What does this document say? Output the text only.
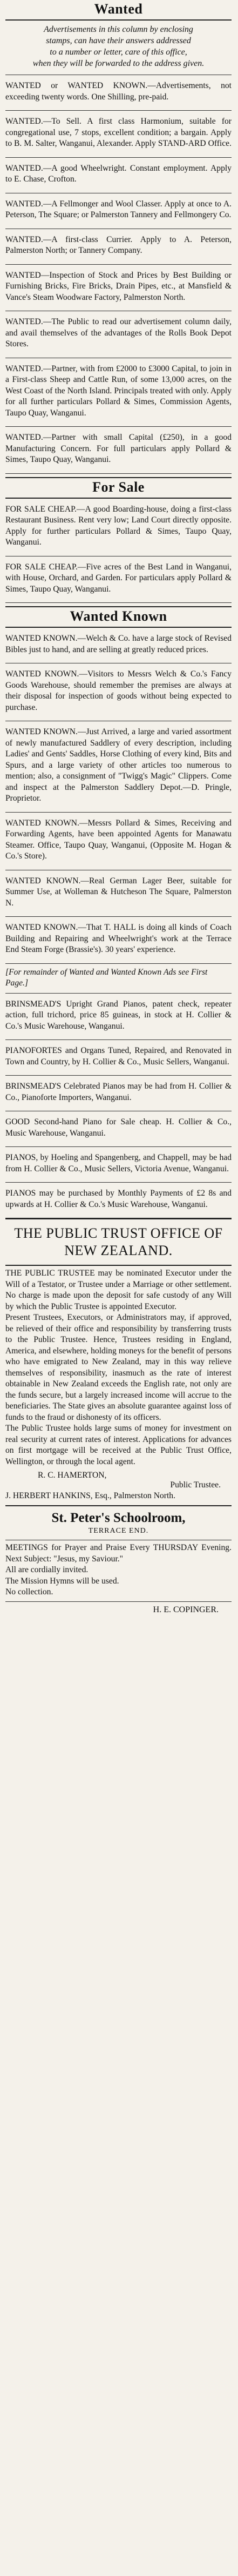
Wanted
Advertisements in this column by enclosing
stamps, can have their answers addressed
to a number or letter, care of this office,
when they will be forwarded to the address given.

WANTED or WANTED KNOWN.—Advertisements, not exceeding twenty words. One Shilling, pre-paid.

WANTED.—To Sell. A first class Harmonium, suitable for congregational use, 7 stops, excellent condition; a bargain. Apply to B. M. Salter, Wanganui, Alexander. Apply STAND-ARD Office.

WANTED.—A good Wheelwright. Constant employment. Apply to E. Chase, Crofton.

WANTED.—A Fellmonger and Wool Classer. Apply at once to A. Peterson, The Square; or Palmerston Tannery and Fellmongery Co.

WANTED.—A first-class Currier. Apply to A. Peterson, Palmerston North; or Tannery Company.

WANTED—Inspection of Stock and Prices by Best Building or Furnishing Bricks, Fire Bricks, Drain Pipes, etc., at Mansfield & Vance's Steam Woodware Factory, Palmerston North.

WANTED.—The Public to read our advertisement column daily, and avail themselves of the advantages of the Rolls Book Depot Stores.

WANTED.—Partner, with from £2000 to £3000 Capital, to join in a First-class Sheep and Cattle Run, of some 13,000 acres, on the West Coast of the North Island. Principals treated with only. Apply for all further particulars Pollard & Simes, Commission Agents, Taupo Quay, Wanganui.

WANTED.—Partner with small Capital (£250), in a good Manufacturing Concern. For full particulars apply Pollard & Simes, Taupo Quay, Wanganui.

For Sale

FOR SALE CHEAP.—A good Boarding-house, doing a first-class Restaurant Business. Rent very low; Land Court directly opposite. Apply for further particulars Pollard & Simes, Taupo Quay, Wanganui.

FOR SALE CHEAP.—Five acres of the Best Land in Wanganui, with House, Orchard, and Garden. For particulars apply Pollard & Simes, Taupo Quay, Wanganui.

Wanted Known

WANTED KNOWN.—Welch & Co. have a large stock of Revised Bibles just to hand, and are selling at greatly reduced prices.

WANTED KNOWN.—Visitors to Messrs Welch & Co.'s Fancy Goods Warehouse, should remember the premises are always at their disposal for inspection of goods without being expected to purchase.

WANTED KNOWN.—Just Arrived, a large and varied assortment of newly manufactured Saddlery of every description, including Ladies' and Gents' Saddles, Horse Clothing of every kind, Bits and Spurs, and a large variety of other articles too numerous to mention; also, a consignment of "Twigg's Magic" Clippers. Come and inspect at the Palmerston Saddlery Depot.—D. Pringle, Proprietor.

WANTED KNOWN.—Messrs Pollard & Simes, Receiving and Forwarding Agents, have been appointed Agents for Manawatu Steamer. Office, Taupo Quay, Wanganui, (Opposite M. Hogan & Co.'s Store).

WANTED KNOWN.—Real German Lager Beer, suitable for Summer Use, at Wolleman & Hutcheson The Square, Palmerston N.

WANTED KNOWN.—That T. HALL is doing all kinds of Coach Building and Repairing and Wheelwright's work at the Terrace End Steam Forge (Brassie's). 30 years' experience.

[For remainder of Wanted and Wanted Known Ads see First Page.]

BRINSMEAD'S Upright Grand Pianos, patent check, repeater action, full trichord, price 85 guineas, in stock at H. Collier & Co.'s Music Warehouse, Wanganui.

PIANOFORTES and Organs Tuned, Repaired, and Renovated in Town and Country, by H. Collier & Co., Music Sellers, Wanganui.

BRINSMEAD'S Celebrated Pianos may be had from H. Collier & Co., Pianoforte Importers, Wanganui.

GOOD Second-hand Piano for Sale cheap. H. Collier & Co., Music Warehouse, Wanganui.

PIANOS, by Hoeling and Spangenberg, and Chappell, may be had from H. Collier & Co., Music Sellers, Victoria Avenue, Wanganui.

PIANOS may be purchased by Monthly Payments of £2 8s and upwards at H. Collier & Co.'s Music Warehouse, Wanganui.

THE PUBLIC TRUST OFFICE OF NEW ZEALAND.

THE PUBLIC TRUSTEE may be nominated Executor under the Will of a Testator, or Trustee under a Marriage or other settlement. No charge is made upon the deposit for safe custody of any Will by which the Public Trustee is appointed Executor.
Present Trustees, Executors, or Administrators may, if approved, be relieved of their office and responsibility by transferring trusts to the Public Trustee. Hence, Trustees residing in England, America, and elsewhere, holding moneys for the benefit of persons who have emigrated to New Zealand, may in this way relieve themselves of responsibility, inasmuch as the rate of interest obtainable in New Zealand exceeds the English rate, not only are the funds secure, but a largely increased income will accrue to the beneficiaries. The State gives an absolute guarantee against loss of funds to the fraud or dishonesty of its officers.
The Public Trustee holds large sums of money for investment on real security at current rates of interest. Applications for advances on first mortgage will be received at the Public Trust Office, Wellington, or through the local agent.

R. C. HAMERTON,
Public Trustee.
J. HERBERT HANKINS, Esq., Palmerston North.
St. Peter's Schoolroom,
TERRACE END.

MEETINGS for Prayer and Praise Every THURSDAY Evening. Next Subject: "Jesus, my Saviour."
All are cordially invited.
The Mission Hymns will be used.
No collection.

H. E. COPINGER.
